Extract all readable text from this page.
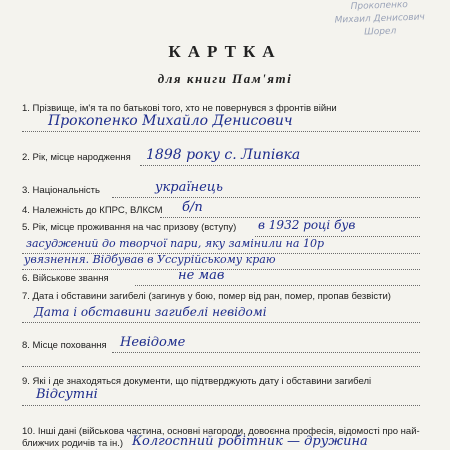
Прокопенко
Михаил Денисович
Шорел
КАРТКА
для книги Пам'яті
1. Прізвище, ім'я та по батькові того, хто не повернувся з фронтів війни
Прокопенко Михайло Денисович
2. Рік, місце народження 1898 року с. Липівка
3. Національність	українець
4. Належність до КПРС, ВЛКСМ б/п
5. Рік, місце проживання на час призову (вступу) в 1932 році був
засуджений до творчої пари, яку замінили на 10р
увязнення. Відбував в Уссурійському краю
6. Військове звання	не мав
7. Дата і обставини загибелі (загинув у бою, помер від ран, помер, пропав безвісти)
Дата і обставини загибелі невідомі
8. Місце поховання Невідоме
9. Які і де знаходяться документи, що підтверджують дату і обставини загибелі
Відсутні
10. Інші дані (військова частина, основні нагороди, довоєнна професія, відомості про най-
ближчих родичів та ін.) Колгоспний робітник — дружина
